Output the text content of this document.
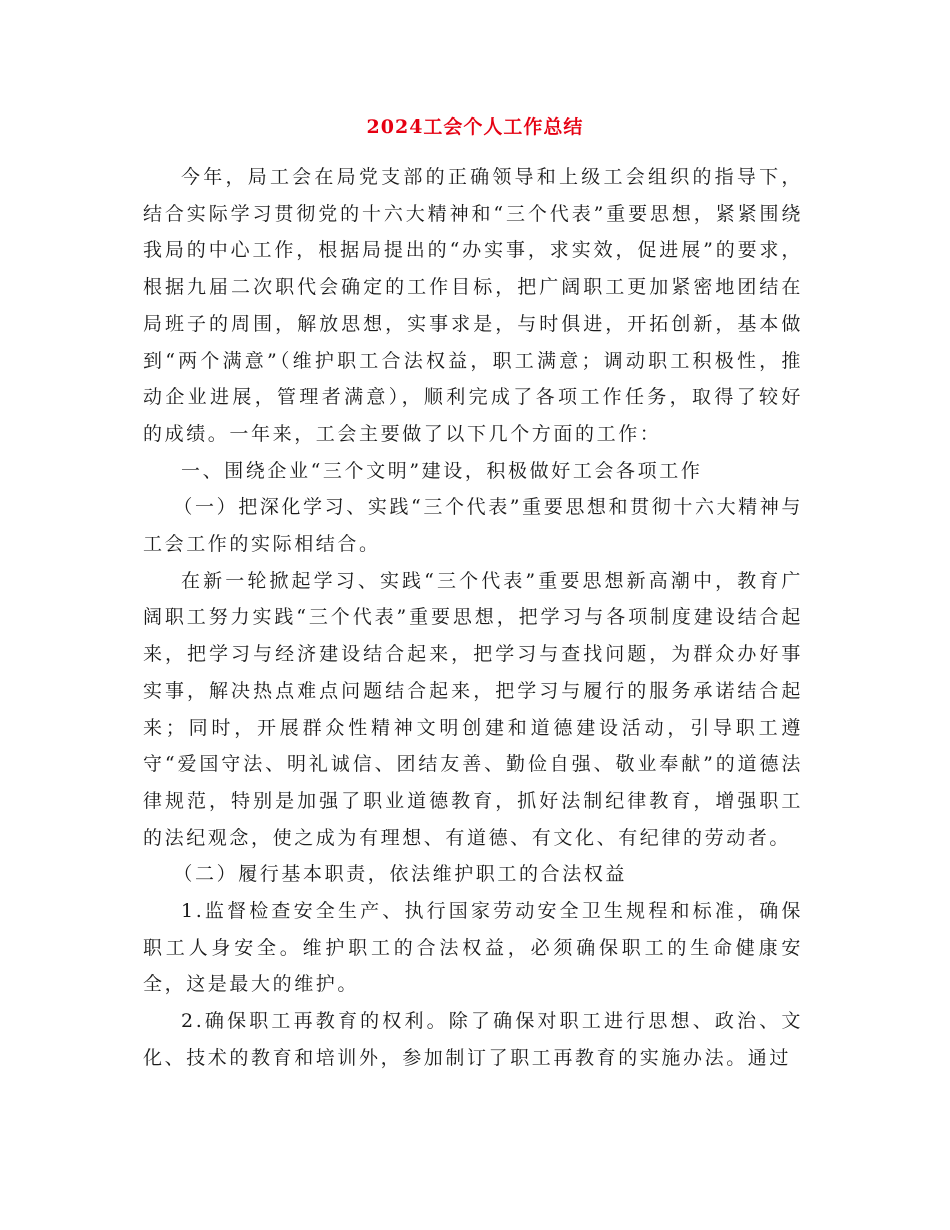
2024工会个人工作总结

今年，局工会在局党支部的正确领导和上级工会组织的指导下，结合实际学习贯彻党的十六大精神和“三个代表”重要思想，紧紧围绕我局的中心工作，根据局提出的“办实事，求实效，促进展”的要求，根据九届二次职代会确定的工作目标，把广阔职工更加紧密地团结在局班子的周围，解放思想，实事求是，与时俱进，开拓创新，基本做到“两个满意”（维护职工合法权益，职工满意；调动职工积极性，推动企业进展，管理者满意），顺利完成了各项工作任务，取得了较好的成绩。一年来，工会主要做了以下几个方面的工作：

一、围绕企业“三个文明”建设，积极做好工会各项工作

（一）把深化学习、实践“三个代表”重要思想和贯彻十六大精神与工会工作的实际相结合。

在新一轮掀起学习、实践“三个代表”重要思想新高潮中，教育广阔职工努力实践“三个代表”重要思想，把学习与各项制度建设结合起来，把学习与经济建设结合起来，把学习与查找问题，为群众办好事实事，解决热点难点问题结合起来，把学习与履行的服务承诺结合起来；同时，开展群众性精神文明创建和道德建设活动，引导职工遵守“爱国守法、明礼诚信、团结友善、勤俭自强、敬业奉献”的道德法律规范，特别是加强了职业道德教育，抓好法制纪律教育，增强职工的法纪观念，使之成为有理想、有道德、有文化、有纪律的劳动者。

（二）履行基本职责，依法维护职工的合法权益

1.监督检查安全生产、执行国家劳动安全卫生规程和标准，确保职工人身安全。维护职工的合法权益，必须确保职工的生命健康安全，这是最大的维护。

2.确保职工再教育的权利。除了确保对职工进行思想、政治、文化、技术的教育和培训外，参加制订了职工再教育的实施办法。通过
